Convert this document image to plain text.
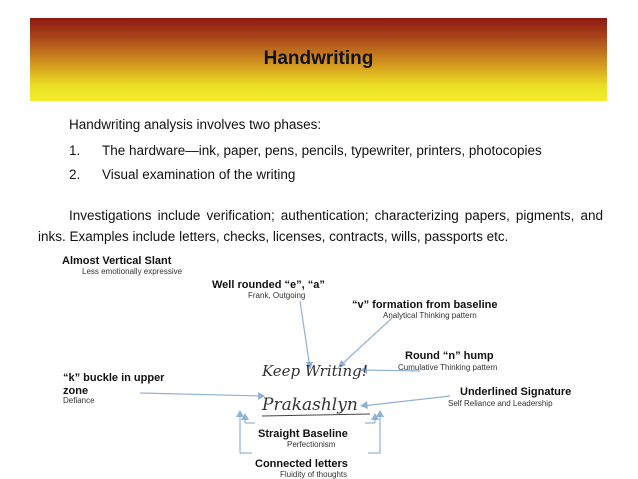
Handwriting

Handwriting analysis involves two phases:

1. The hardware—ink, paper, pens, pencils, typewriter, printers, photocopies
2. Visual examination of the writing

Investigations include verification; authentication; characterizing papers, pigments, and inks. Examples include letters, checks, licenses, contracts, wills, passports etc.

Keep Writing!
Prakashlyn
Almost Vertical Slant
Less emotionally expressive
Well rounded “e”, “a”
Frank, Outgoing
“v” formation from baseline
Analytical Thinking pattern
Round “n” hump
Cumulative Thinking pattern
“k” buckle in upper
zone
Defiance
Underlined Signature
Self Reliance and Leadership
Straight Baseline
Perfectionism
Connected letters
Fluidity of thoughts
